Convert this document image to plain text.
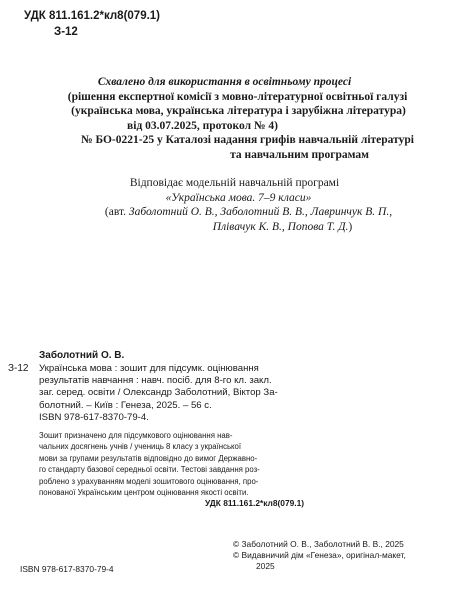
УДК 811.161.2*кл8(079.1)
З-12
Схвалено для використання в освітньому процесі
(рішення експертної комісії з мовно-літературної освітньої галузі
(українська мова, українська література і зарубіжна література)
від 03.07.2025, протокол № 4)
№ БО-0221-25 у Каталозі надання грифів навчальній літературі
та навчальним програмам
Відповідає модельній навчальній програмі
«Українська мова. 7–9 класи»
(авт. Заболотний О. В., Заболотний В. В., Лавринчук В. П.,
Плівачук К. В., Попова Т. Д.)
Заболотний О. В.
З-12 Українська мова : зошит для підсумк. оцінювання
результатів навчання : навч. посіб. для 8-го кл. закл.
заг. серед. освіти / Олександр Заболотний, Віктор За-
болотний. – Київ : Генеза, 2025. – 56 с.
ISBN 978-617-8370-79-4.
Зошит призначено для підсумкового оцінювання нав-
чальних досягнень учнів / учениць 8 класу з української
мови за групами результатів відповідно до вимог Державно-
го стандарту базової середньої освіти. Тестові завдання роз-
роблено з урахуванням моделі зошитового оцінювання, про-
понованої Українським центром оцінювання якості освіти.
УДК 811.161.2*кл8(079.1)
ISBN 978-617-8370-79-4
© Заболотний О. В., Заболотний В. В., 2025
© Видавничий дім «Генеза», оригінал-макет,
2025
